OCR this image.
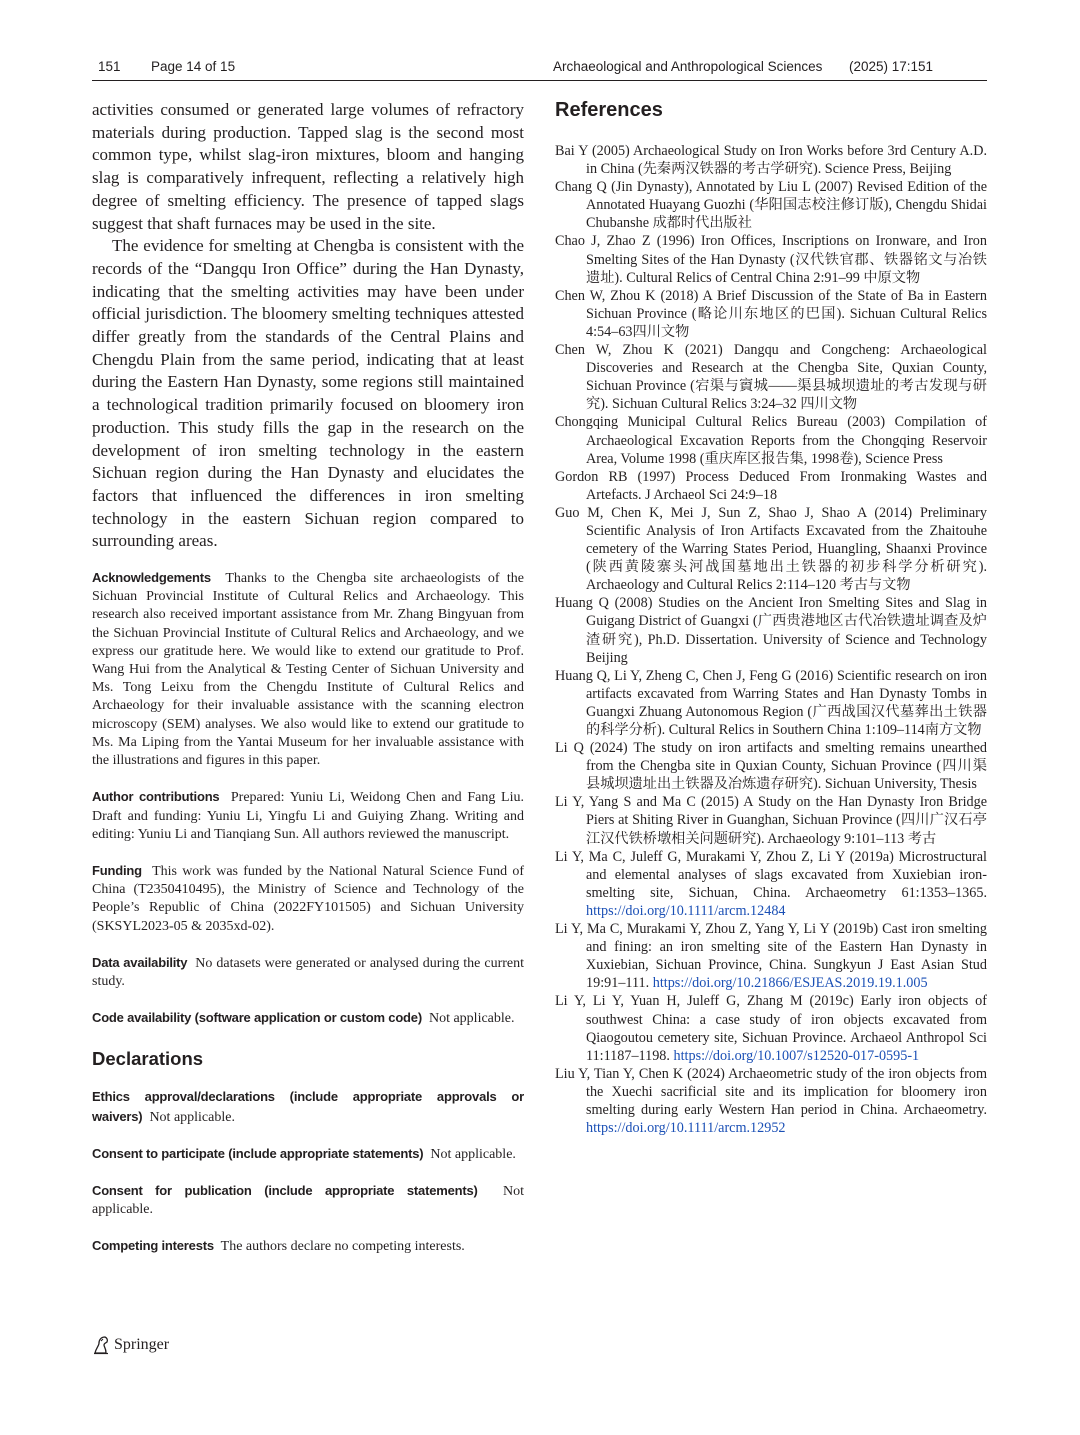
151 Page 14 of 15	Archaeological and Anthropological Sciences (2025) 17:151

activities consumed or generated large volumes of refractory materials during production. Tapped slag is the second most common type, whilst slag-iron mixtures, bloom and hanging slag is comparatively infrequent, reflecting a relatively high degree of smelting efficiency. The presence of tapped slags suggest that shaft furnaces may be used in the site.

The evidence for smelting at Chengba is consistent with the records of the “Dangqu Iron Office” during the Han Dynasty, indicating that the smelting activities may have been under official jurisdiction. The bloomery smelting techniques attested differ greatly from the standards of the Central Plains and Chengdu Plain from the same period, indicating that at least during the Eastern Han Dynasty, some regions still maintained a technological tradition primarily focused on bloomery iron production. This study fills the gap in the research on the development of iron smelting technology in the eastern Sichuan region during the Han Dynasty and elucidates the factors that influenced the differences in iron smelting technology in the eastern Sichuan region compared to surrounding areas.

Acknowledgements Thanks to the Chengba site archaeologists of the Sichuan Provincial Institute of Cultural Relics and Archaeology. This research also received important assistance from Mr. Zhang Bingyuan from the Sichuan Provincial Institute of Cultural Relics and Archaeology, and we express our gratitude here. We would like to extend our gratitude to Prof. Wang Hui from the Analytical & Testing Center of Sichuan University and Ms. Tong Leixu from the Chengdu Institute of Cultural Relics and Archaeology for their invaluable assistance with the scanning electron microscopy (SEM) analyses. We also would like to extend our gratitude to Ms. Ma Liping from the Yantai Museum for her invaluable assistance with the illustrations and figures in this paper.

Author contributions Prepared: Yuniu Li, Weidong Chen and Fang Liu. Draft and funding: Yuniu Li, Yingfu Li and Guiying Zhang. Writing and editing: Yuniu Li and Tianqiang Sun. All authors reviewed the manuscript.

Funding This work was funded by the National Natural Science Fund of China (T2350410495), the Ministry of Science and Technology of the People’s Republic of China (2022FY101505) and Sichuan University (SKSYL2023-05 & 2035xd-02).

Data availability No datasets were generated or analysed during the current study.

Code availability (software application or custom code) Not applicable.

Declarations

Ethics approval/declarations (include appropriate approvals or waivers) Not applicable.

Consent to participate (include appropriate statements) Not applicable.

Consent for publication (include appropriate statements) Not applicable.

Competing interests The authors declare no competing interests.

References
Bai Y (2005) Archaeological Study on Iron Works before 3rd Century A.D. in China (先秦两汉铁器的考古学研究). Science Press, Beijing
Chang Q (Jin Dynasty), Annotated by Liu L (2007) Revised Edition of the Annotated Huayang Guozhi (华阳国志校注修订版), Chengdu Shidai Chubanshe 成都时代出版社
Chao J, Zhao Z (1996) Iron Offices, Inscriptions on Ironware, and Iron Smelting Sites of the Han Dynasty (汉代铁官郡、铁器铭文与冶铁遗址). Cultural Relics of Central China 2:91–99 中原文物
Chen W, Zhou K (2018) A Brief Discussion of the State of Ba in Eastern Sichuan Province (略论川东地区的巴国). Sichuan Cultural Relics 4:54–63四川文物
Chen W, Zhou K (2021) Dangqu and Congcheng: Archaeological Discoveries and Research at the Chengba Site, Quxian County, Sichuan Province (宕渠与賨城——渠县城坝遗址的考古发现与研究). Sichuan Cultural Relics 3:24–32 四川文物
Chongqing Municipal Cultural Relics Bureau (2003) Compilation of Archaeological Excavation Reports from the Chongqing Reservoir Area, Volume 1998 (重庆库区报告集, 1998卷), Science Press
Gordon RB (1997) Process Deduced From Ironmaking Wastes and Artefacts. J Archaeol Sci 24:9–18
Guo M, Chen K, Mei J, Sun Z, Shao J, Shao A (2014) Preliminary Scientific Analysis of Iron Artifacts Excavated from the Zhaitouhe cemetery of the Warring States Period, Huangling, Shaanxi Province (陕西黄陵寨头河战国墓地出土铁器的初步科学分析研究). Archaeology and Cultural Relics 2:114–120 考古与文物
Huang Q (2008) Studies on the Ancient Iron Smelting Sites and Slag in Guigang District of Guangxi (广西贵港地区古代冶铁遗址调查及炉渣研究), Ph.D. Dissertation. University of Science and Technology Beijing
Huang Q, Li Y, Zheng C, Chen J, Feng G (2016) Scientific research on iron artifacts excavated from Warring States and Han Dynasty Tombs in Guangxi Zhuang Autonomous Region (广西战国汉代墓葬出土铁器的科学分析). Cultural Relics in Southern China 1:109–114南方文物
Li Q (2024) The study on iron artifacts and smelting remains unearthed from the Chengba site in Quxian County, Sichuan Province (四川渠县城坝遗址出土铁器及冶炼遗存研究). Sichuan University, Thesis
Li Y, Yang S and Ma C (2015) A Study on the Han Dynasty Iron Bridge Piers at Shiting River in Guanghan, Sichuan Province (四川广汉石亭江汉代铁桥墩相关问题研究). Archaeology 9:101–113 考古
Li Y, Ma C, Juleff G, Murakami Y, Zhou Z, Li Y (2019a) Microstructural and elemental analyses of slags excavated from Xuxiebian iron-smelting site, Sichuan, China. Archaeometry 61:1353–1365. https://doi.org/10.1111/arcm.12484
Li Y, Ma C, Murakami Y, Zhou Z, Yang Y, Li Y (2019b) Cast iron smelting and fining: an iron smelting site of the Eastern Han Dynasty in Xuxiebian, Sichuan Province, China. Sungkyun J East Asian Stud 19:91–111. https://doi.org/10.21866/ESJEAS.2019.19.1.005
Li Y, Li Y, Yuan H, Juleff G, Zhang M (2019c) Early iron objects of southwest China: a case study of iron objects excavated from Qiaogoutou cemetery site, Sichuan Province. Archaeol Anthropol Sci 11:1187–1198. https://doi.org/10.1007/s12520-017-0595-1
Liu Y, Tian Y, Chen K (2024) Archaeometric study of the iron objects from the Xuechi sacrificial site and its implication for bloomery iron smelting during early Western Han period in China. Archaeometry. https://doi.org/10.1111/arcm.12952
Springer
